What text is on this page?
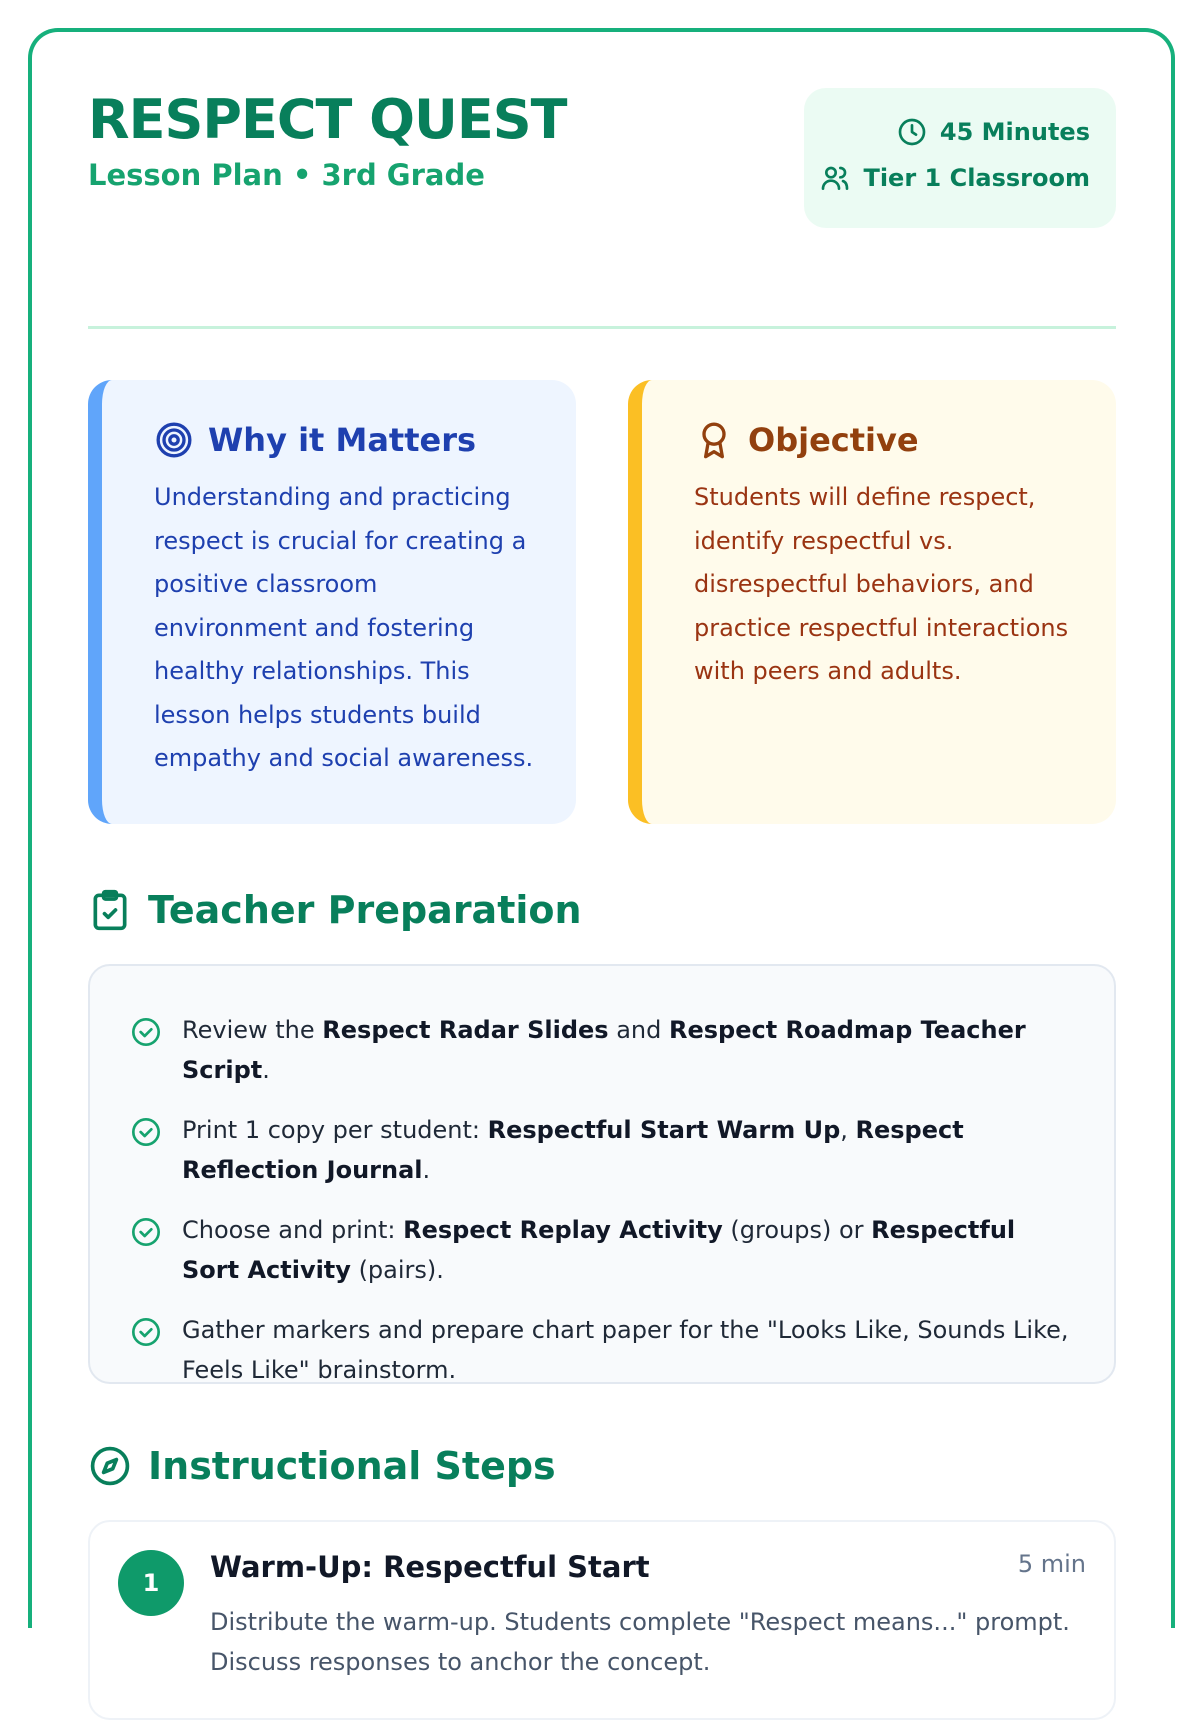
RESPECT QUEST
Lesson Plan • 3rd Grade
45 Minutes
Tier 1 Classroom
Why it Matters
Understanding and practicing respect is crucial for creating a positive classroom environment and fostering healthy relationships. This lesson helps students build empathy and social awareness.
Objective
Students will define respect, identify respectful vs. disrespectful behaviors, and practice respectful interactions with peers and adults.
Teacher Preparation
Review the Respect Radar Slides and Respect Roadmap Teacher Script.
Print 1 copy per student: Respectful Start Warm Up, Respect Reflection Journal.
Choose and print: Respect Replay Activity (groups) or Respectful Sort Activity (pairs).
Gather markers and prepare chart paper for the "Looks Like, Sounds Like, Feels Like" brainstorm.
Instructional Steps
1	Warm-Up: Respectful Start	5 min
Distribute the warm-up. Students complete "Respect means..." prompt. Discuss responses to anchor the concept.
